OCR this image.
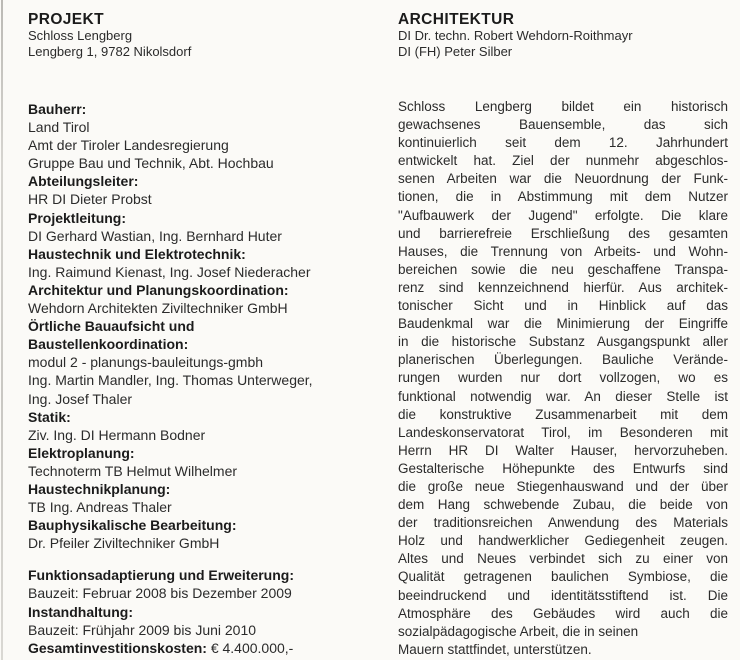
PROJEKT
Schloss Lengberg
Lengberg 1, 9782 Nikolsdorf
Bauherr:
Land Tirol
Amt der Tiroler Landesregierung
Gruppe Bau und Technik, Abt. Hochbau
Abteilungsleiter:
HR DI Dieter Probst
Projektleitung:
DI Gerhard Wastian, Ing. Bernhard Huter
Haustechnik und Elektrotechnik:
Ing. Raimund Kienast, Ing. Josef Niederacher
Architektur und Planungskoordination:
Wehdorn Architekten Ziviltechniker GmbH
Örtliche Bauaufsicht und
Baustellenkoordination:
modul 2 - planungs-bauleitungs-gmbh
Ing. Martin Mandler, Ing. Thomas Unterweger,
Ing. Josef Thaler
Statik:
Ziv. Ing. DI Hermann Bodner
Elektroplanung:
Technoterm TB Helmut Wilhelmer
Haustechnikplanung:
TB Ing. Andreas Thaler
Bauphysikalische Bearbeitung:
Dr. Pfeiler Ziviltechniker GmbH
Funktionsadaptierung und Erweiterung:
Bauzeit: Februar 2008 bis Dezember 2009
Instandhaltung:
Bauzeit: Frühjahr 2009 bis Juni 2010
Gesamtinvestitionskosten: € 4.400.000,-
ARCHITEKTUR
DI Dr. techn. Robert Wehdorn-Roithmayr
DI (FH) Peter Silber
Schloss Lengberg bildet ein historisch
gewachsenes Bauensemble, das sich
kontinuierlich seit dem 12. Jahrhundert
entwickelt hat. Ziel der nunmehr abgeschlos-
senen Arbeiten war die Neuordnung der Funk-
tionen, die in Abstimmung mit dem Nutzer
"Aufbauwerk der Jugend" erfolgte. Die klare
und barrierefreie Erschließung des gesamten
Hauses, die Trennung von Arbeits- und Wohn-
bereichen sowie die neu geschaffene Transpa-
renz sind kennzeichnend hierfür. Aus architek-
tonischer Sicht und in Hinblick auf das
Baudenkmal war die Minimierung der Eingriffe
in die historische Substanz Ausgangspunkt aller
planerischen Überlegungen. Bauliche Verände-
rungen wurden nur dort vollzogen, wo es
funktional notwendig war. An dieser Stelle ist
die konstruktive Zusammenarbeit mit dem
Landeskonservatorat Tirol, im Besonderen mit
Herrn HR DI Walter Hauser, hervorzuheben.
Gestalterische Höhepunkte des Entwurfs sind
die große neue Stiegenhauswand und der über
dem Hang schwebende Zubau, die beide von
der traditionsreichen Anwendung des Materials
Holz und handwerklicher Gediegenheit zeugen.
Altes und Neues verbindet sich zu einer von
Qualität getragenen baulichen Symbiose, die
beeindruckend und identitätsstiftend ist. Die
Atmosphäre des Gebäudes wird auch die
sozialpädagogische Arbeit, die in seinen
Mauern stattfindet, unterstützen.
